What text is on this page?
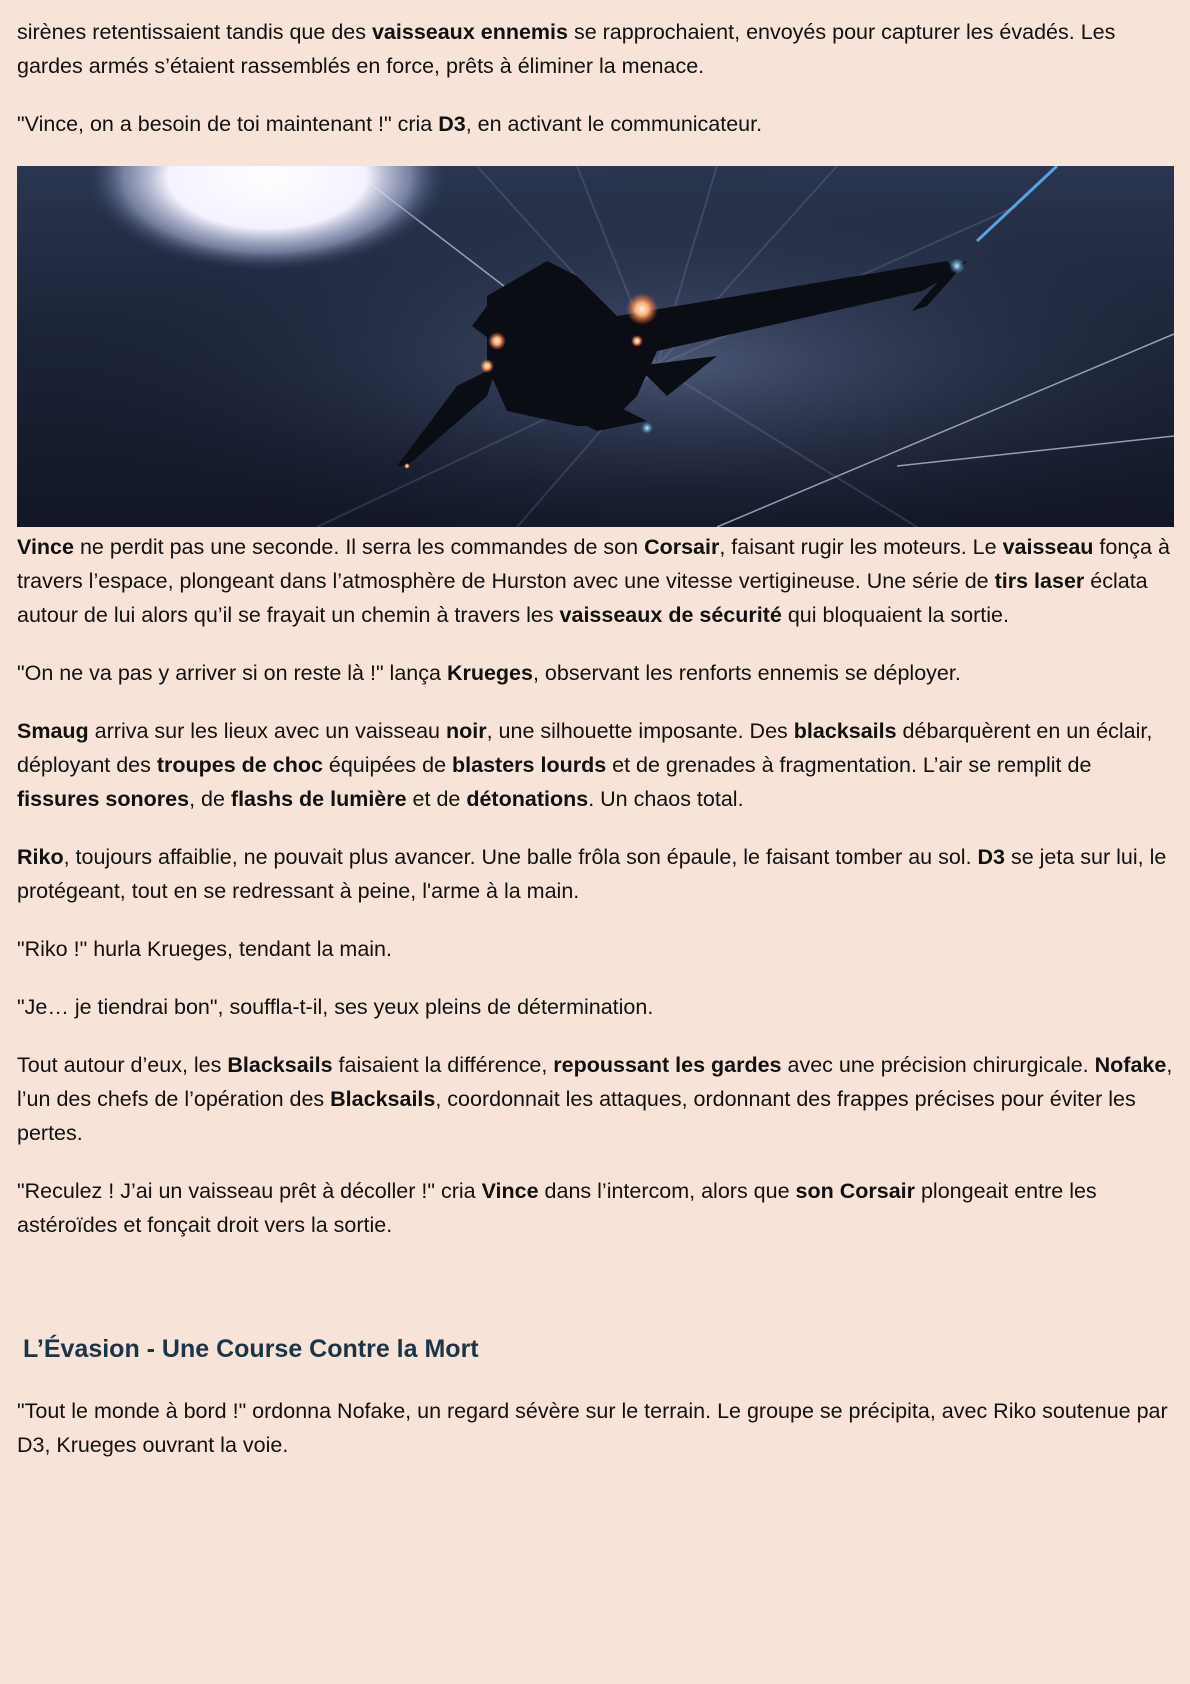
sirènes retentissaient tandis que des vaisseaux ennemis se rapprochaient, envoyés pour capturer les évadés. Les gardes armés s’étaient rassemblés en force, prêts à éliminer la menace.

"Vince, on a besoin de toi maintenant !" cria D3, en activant le communicateur.

Vince ne perdit pas une seconde. Il serra les commandes de son Corsair, faisant rugir les moteurs. Le vaisseau fonça à travers l’espace, plongeant dans l’atmosphère de Hurston avec une vitesse vertigineuse. Une série de tirs laser éclata autour de lui alors qu’il se frayait un chemin à travers les vaisseaux de sécurité qui bloquaient la sortie.

"On ne va pas y arriver si on reste là !" lança Krueges, observant les renforts ennemis se déployer.

Smaug arriva sur les lieux avec un vaisseau noir, une silhouette imposante. Des blacksails débarquèrent en un éclair, déployant des troupes de choc équipées de blasters lourds et de grenades à fragmentation. L’air se remplit de fissures sonores, de flashs de lumière et de détonations. Un chaos total.

Riko, toujours affaiblie, ne pouvait plus avancer. Une balle frôla son épaule, le faisant tomber au sol. D3 se jeta sur lui, le protégeant, tout en se redressant à peine, l'arme à la main.

"Riko !" hurla Krueges, tendant la main.

"Je… je tiendrai bon", souffla-t-il, ses yeux pleins de détermination.

Tout autour d’eux, les Blacksails faisaient la différence, repoussant les gardes avec une précision chirurgicale. Nofake, l’un des chefs de l’opération des Blacksails, coordonnait les attaques, ordonnant des frappes précises pour éviter les pertes.

"Reculez ! J’ai un vaisseau prêt à décoller !" cria Vince dans l’intercom, alors que son Corsair plongeait entre les astéroïdes et fonçait droit vers la sortie.

L’Évasion - Une Course Contre la Mort

"Tout le monde à bord !" ordonna Nofake, un regard sévère sur le terrain. Le groupe se précipita, avec Riko soutenue par D3, Krueges ouvrant la voie.
